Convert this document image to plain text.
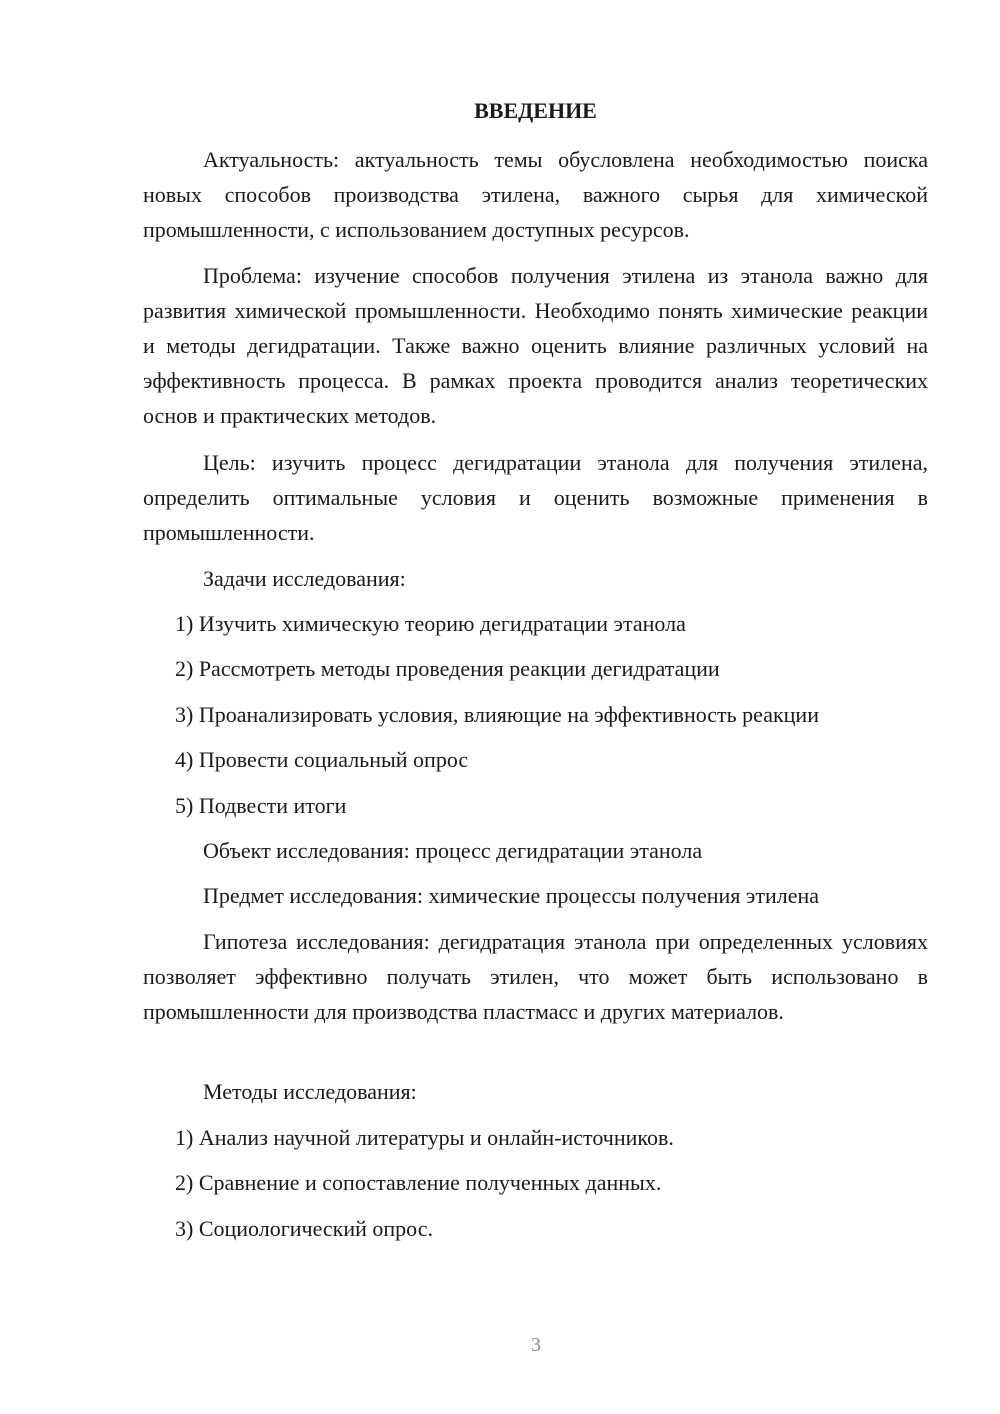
ВВЕДЕНИЕ

Актуальность: актуальность темы обусловлена необходимостью поиска новых способов производства этилена, важного сырья для химической промышленности, с использованием доступных ресурсов.

Проблема: изучение способов получения этилена из этанола важно для развития химической промышленности. Необходимо понять химические реакции и методы дегидратации. Также важно оценить влияние различных условий на эффективность процесса. В рамках проекта проводится анализ теоретических основ и практических методов.

Цель: изучить процесс дегидратации этанола для получения этилена, определить оптимальные условия и оценить возможные применения в промышленности.

Задачи исследования:

1) Изучить химическую теорию дегидратации этанола

2) Рассмотреть методы проведения реакции дегидратации

3) Проанализировать условия, влияющие на эффективность реакции

4) Провести социальный опрос

5) Подвести итоги

Объект исследования: процесс дегидратации этанола

Предмет исследования: химические процессы получения этилена

Гипотеза исследования: дегидратация этанола при определенных условиях позволяет эффективно получать этилен, что может быть использовано в промышленности для производства пластмасс и других материалов.

Методы исследования:

1) Анализ научной литературы и онлайн-источников.

2) Сравнение и сопоставление полученных данных.

3) Социологический опрос.

3
